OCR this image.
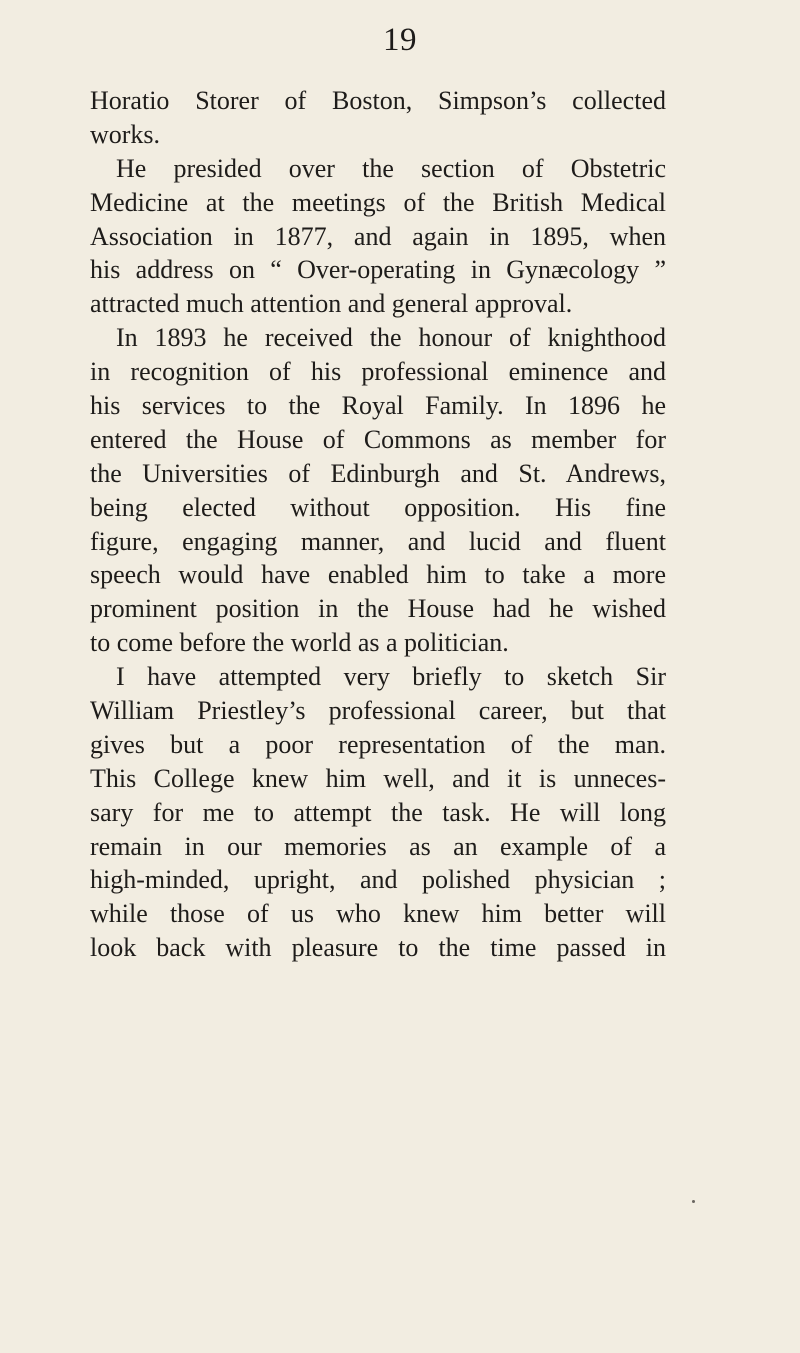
19
Horatio Storer of Boston, Simpson’s collected
works.
He presided over the section of Obstetric
Medicine at the meetings of the British Medical
Association in 1877, and again in 1895, when
his address on “ Over-operating in Gynæcology ”
attracted much attention and general approval.
In 1893 he received the honour of knighthood
in recognition of his professional eminence and
his services to the Royal Family. In 1896 he
entered the House of Commons as member for
the Universities of Edinburgh and St. Andrews,
being elected without opposition. His fine
figure, engaging manner, and lucid and fluent
speech would have enabled him to take a more
prominent position in the House had he wished
to come before the world as a politician.
I have attempted very briefly to sketch Sir
William Priestley’s professional career, but that
gives but a poor representation of the man.
This College knew him well, and it is unneces-
sary for me to attempt the task. He will long
remain in our memories as an example of a
high-minded, upright, and polished physician ;
while those of us who knew him better will
look back with pleasure to the time passed in
